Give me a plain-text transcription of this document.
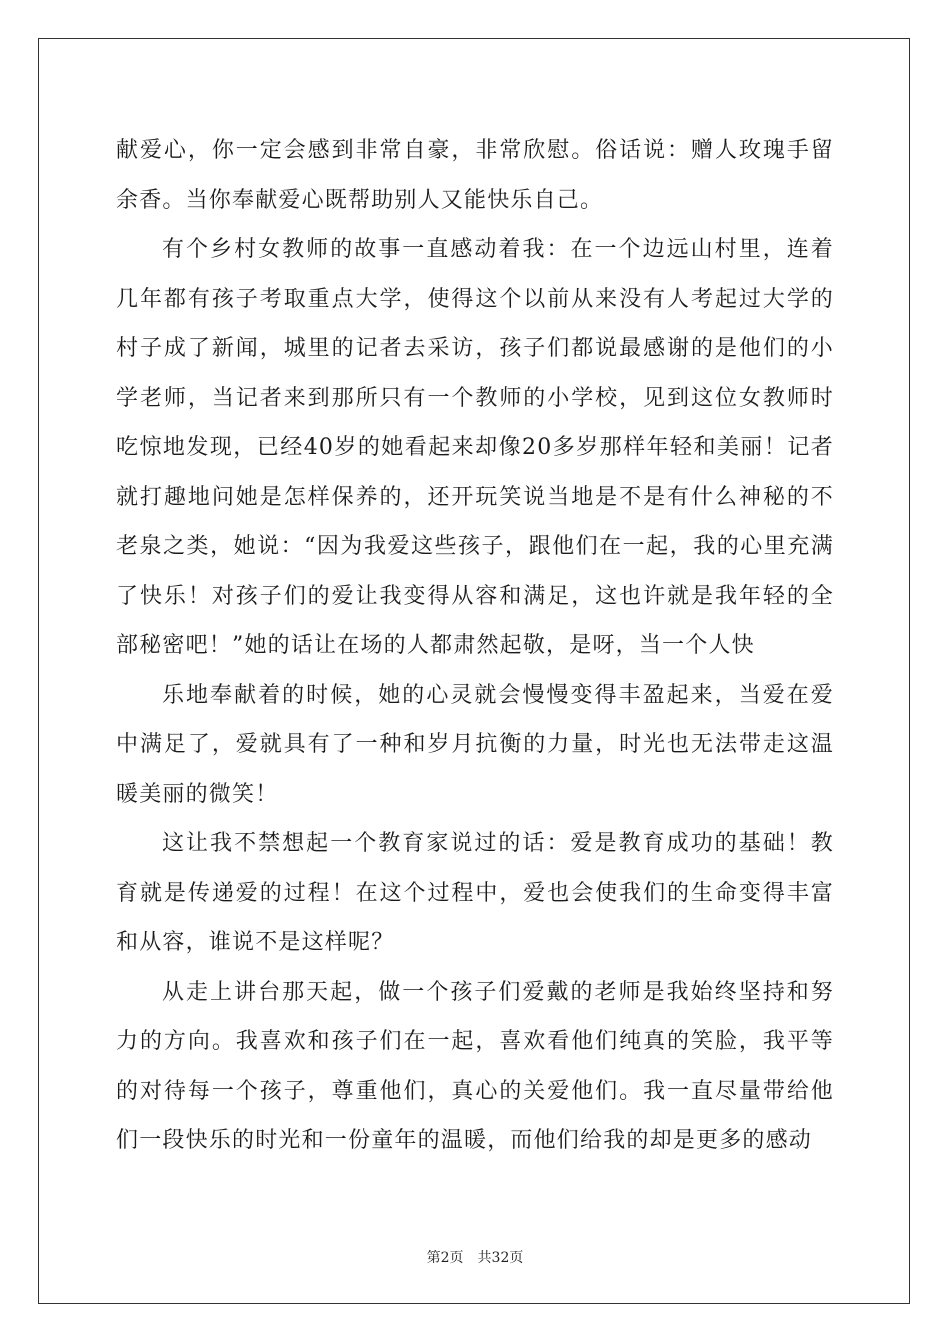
献爱心，你一定会感到非常自豪，非常欣慰。俗话说：赠人玫瑰手留余香。当你奉献爱心既帮助别人又能快乐自己。

有个乡村女教师的故事一直感动着我：在一个边远山村里，连着几年都有孩子考取重点大学，使得这个以前从来没有人考起过大学的村子成了新闻，城里的记者去采访，孩子们都说最感谢的是他们的小学老师，当记者来到那所只有一个教师的小学校，见到这位女教师时吃惊地发现，已经40岁的她看起来却像20多岁那样年轻和美丽！记者就打趣地问她是怎样保养的，还开玩笑说当地是不是有什么神秘的不老泉之类，她说：“因为我爱这些孩子，跟他们在一起，我的心里充满了快乐！对孩子们的爱让我变得从容和满足，这也许就是我年轻的全部秘密吧！”她的话让在场的人都肃然起敬，是呀，当一个人快

乐地奉献着的时候，她的心灵就会慢慢变得丰盈起来，当爱在爱中满足了，爱就具有了一种和岁月抗衡的力量，时光也无法带走这温暖美丽的微笑！

这让我不禁想起一个教育家说过的话：爱是教育成功的基础！教育就是传递爱的过程！在这个过程中，爱也会使我们的生命变得丰富和从容，谁说不是这样呢？

从走上讲台那天起，做一个孩子们爱戴的老师是我始终坚持和努力的方向。我喜欢和孩子们在一起，喜欢看他们纯真的笑脸，我平等的对待每一个孩子，尊重他们，真心的关爱他们。我一直尽量带给他们一段快乐的时光和一份童年的温暖，而他们给我的却是更多的感动

第2页　共32页
